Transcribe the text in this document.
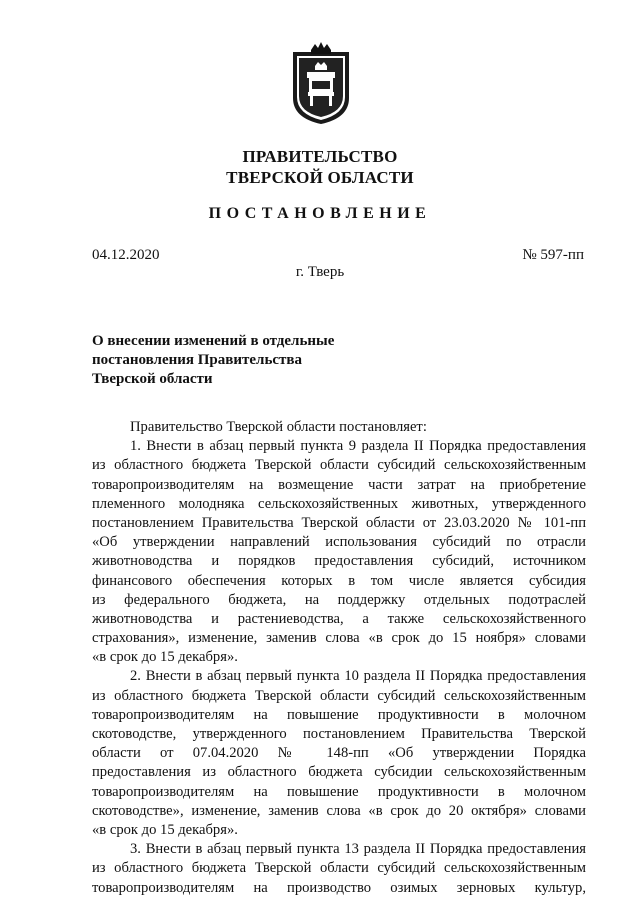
ПРАВИТЕЛЬСТВО
ТВЕРСКОЙ ОБЛАСТИ
ПОСТАНОВЛЕНИЕ
04.12.2020	№ 597-пп
г. Тверь
О внесении изменений в отдельные
постановления Правительства
Тверской области
Правительство Тверской области постановляет:
1. Внести в абзац первый пункта 9 раздела II Порядка предоставления
из областного бюджета Тверской области субсидий сельскохозяйственным
товаропроизводителям на возмещение части затрат на приобретение
племенного молодняка сельскохозяйственных животных, утвержденного
постановлением Правительства Тверской области от 23.03.2020 № 101-пп
«Об утверждении направлений использования субсидий по отрасли
животноводства и порядков предоставления субсидий, источником
финансового обеспечения которых в том числе является субсидия
из федерального бюджета, на поддержку отдельных подотраслей
животноводства и растениеводства, а также сельскохозяйственного
страхования», изменение, заменив слова «в срок до 15 ноября» словами
«в срок до 15 декабря».
2. Внести в абзац первый пункта 10 раздела II Порядка предоставления
из областного бюджета Тверской области субсидий сельскохозяйственным
товаропроизводителям на повышение продуктивности в молочном
скотоводстве, утвержденного постановлением Правительства Тверской
области от 07.04.2020 № 148-пп «Об утверждении Порядка
предоставления из областного бюджета субсидии сельскохозяйственным
товаропроизводителям на повышение продуктивности в молочном
скотоводстве», изменение, заменив слова «в срок до 20 октября» словами
«в срок до 15 декабря».
3. Внести в абзац первый пункта 13 раздела II Порядка предоставления
из областного бюджета Тверской области субсидий сельскохозяйственным
товаропроизводителям на производство озимых зерновых культур,
